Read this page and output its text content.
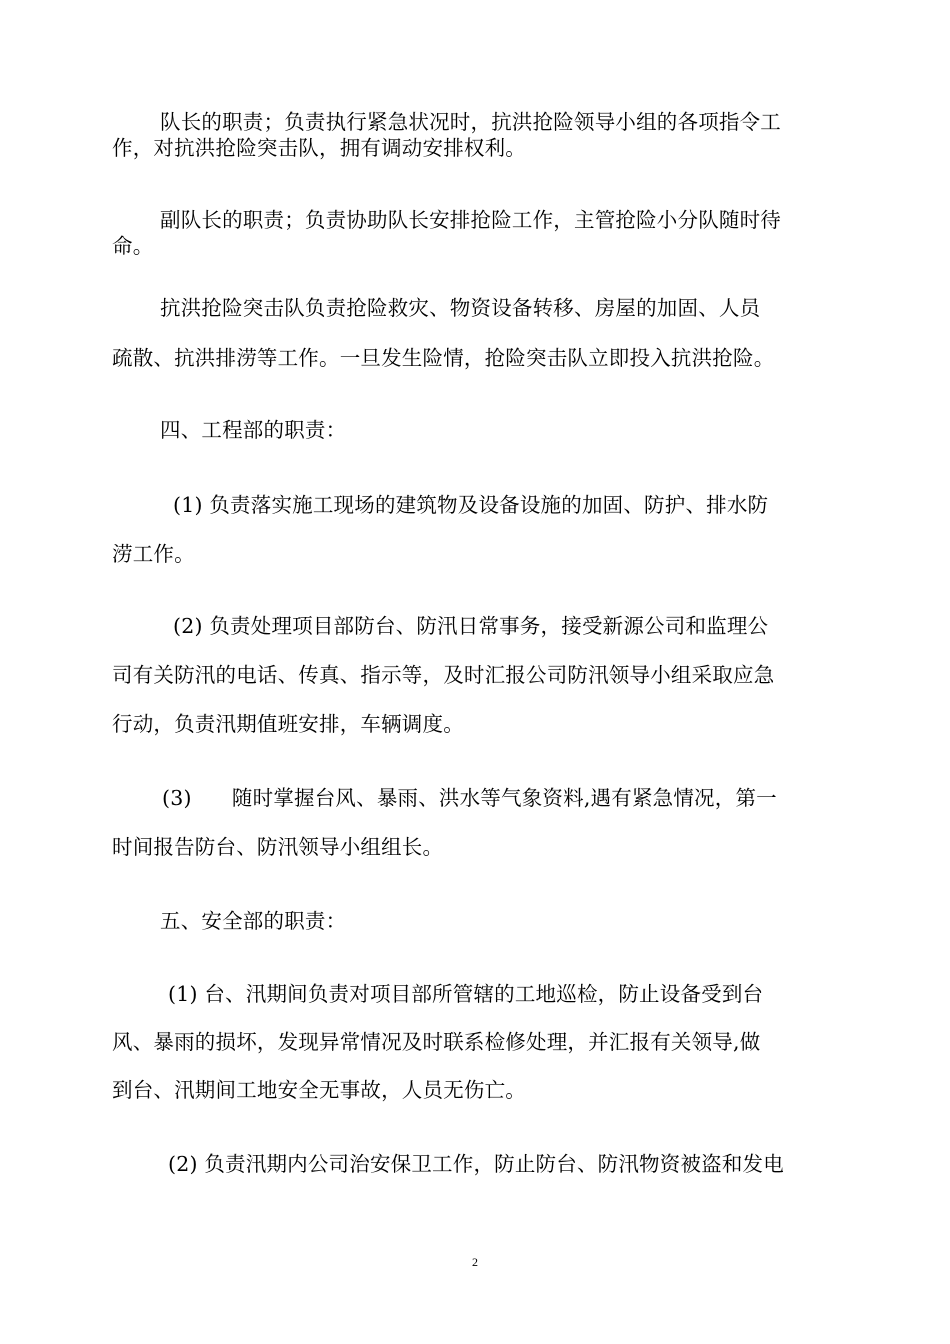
队长的职责；负责执行紧急状况时，抗洪抢险领导小组的各项指令工

作，对抗洪抢险突击队，拥有调动安排权利。

副队长的职责；负责协助队长安排抢险工作，主管抢险小分队随时待

命。

抗洪抢险突击队负责抢险救灾、物资设备转移、房屋的加固、人员

疏散、抗洪排涝等工作。一旦发生险情，抢险突击队立即投入抗洪抢险。

四、工程部的职责：

(1) 负责落实施工现场的建筑物及设备设施的加固、防护、排水防

涝工作。

(2) 负责处理项目部防台、防汛日常事务，接受新源公司和监理公

司有关防汛的电话、传真、指示等，及时汇报公司防汛领导小组采取应急

行动，负责汛期值班安排，车辆调度。

(3)      随时掌握台风、暴雨、洪水等气象资料,遇有紧急情况，第一

时间报告防台、防汛领导小组组长。

五、安全部的职责：

(1) 台、汛期间负责对项目部所管辖的工地巡检，防止设备受到台

风、暴雨的损坏，发现异常情况及时联系检修处理，并汇报有关领导,做

到台、汛期间工地安全无事故，人员无伤亡。

(2) 负责汛期内公司治安保卫工作，防止防台、防汛物资被盗和发电

2
